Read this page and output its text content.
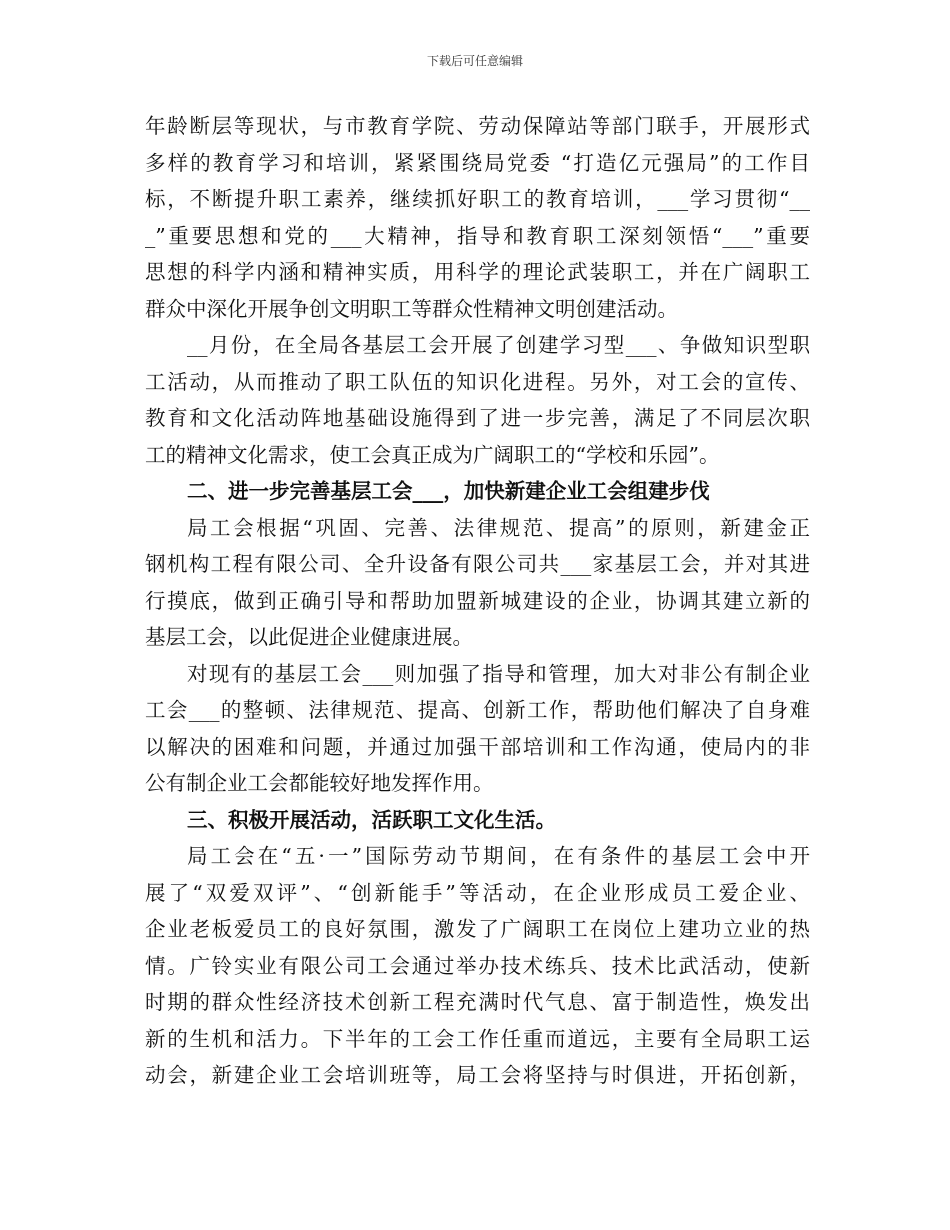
下载后可任意编辑
年龄断层等现状，与市教育学院、劳动保障站等部门联手，开展形式
多样的教育学习和培训，紧紧围绕局党委 “打造亿元强局”的工作目
标，不断提升职工素养，继续抓好职工的教育培训，___学习贯彻“__
_”重要思想和党的___大精神，指导和教育职工深刻领悟“___”重要
思想的科学内涵和精神实质，用科学的理论武装职工，并在广阔职工
群众中深化开展争创文明职工等群众性精神文明创建活动。
__月份，在全局各基层工会开展了创建学习型___、争做知识型职
工活动，从而推动了职工队伍的知识化进程。另外，对工会的宣传、
教育和文化活动阵地基础设施得到了进一步完善，满足了不同层次职
工的精神文化需求，使工会真正成为广阔职工的“学校和乐园”。
二、进一步完善基层工会___，加快新建企业工会组建步伐
局工会根据“巩固、完善、法律规范、提高”的原则，新建金正
钢机构工程有限公司、全升设备有限公司共___家基层工会，并对其进
行摸底，做到正确引导和帮助加盟新城建设的企业，协调其建立新的
基层工会，以此促进企业健康进展。
对现有的基层工会___则加强了指导和管理，加大对非公有制企业
工会___的整顿、法律规范、提高、创新工作，帮助他们解决了自身难
以解决的困难和问题，并通过加强干部培训和工作沟通，使局内的非
公有制企业工会都能较好地发挥作用。
三、积极开展活动，活跃职工文化生活。
局工会在“五·一”国际劳动节期间，在有条件的基层工会中开
展了“双爱双评”、“创新能手”等活动，在企业形成员工爱企业、
企业老板爱员工的良好氛围，激发了广阔职工在岗位上建功立业的热
情。广铃实业有限公司工会通过举办技术练兵、技术比武活动，使新
时期的群众性经济技术创新工程充满时代气息、富于制造性，焕发出
新的生机和活力。下半年的工会工作任重而道远，主要有全局职工运
动会，新建企业工会培训班等，局工会将坚持与时俱进，开拓创新，
